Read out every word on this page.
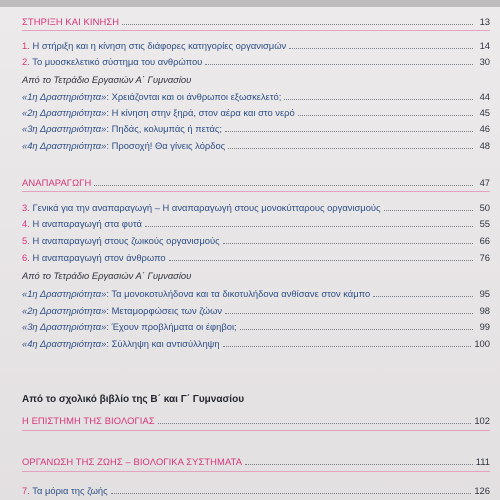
ΣΤΗΡΙΞΗ ΚΑΙ ΚΙΝΗΣΗ	13
1. Η στήριξη και η κίνηση στις διάφορες κατηγορίες οργανισμών	14
2. Το μυοσκελετικό σύστημα του ανθρώπου	30
Από το Τετράδιο Εργασιών Α΄ Γυμνασίου
«1η Δραστηριότητα»: Χρειάζονται και οι άνθρωποι εξωσκελετό;	44
«2η Δραστηριότητα»: Η κίνηση στην ξηρά, στον αέρα και στο νερό	45
«3η Δραστηριότητα»: Πηδάς, κολυμπάς ή πετάς;	46
«4η Δραστηριότητα»: Προσοχή! Θα γίνεις λόρδος	48
ΑΝΑΠΑΡΑΓΩΓΗ	47
3. Γενικά για την αναπαραγωγή – Η αναπαραγωγή στους μονοκύτταρους οργανισμούς	50
4. Η αναπαραγωγή στα φυτά	55
5. Η αναπαραγωγή στους ζωικούς οργανισμούς	66
6. Η αναπαραγωγή στον άνθρωπο	76
Από το Τετράδιο Εργασιών Α΄ Γυμνασίου
«1η Δραστηριότητα»: Τα μονοκοτυλήδονα και τα δικοτυλήδονα ανθίσανε στον κάμπο	95
«2η Δραστηριότητα»: Μεταμορφώσεις των ζώων	98
«3η Δραστηριότητα»: Έχουν προβλήματα οι έφηβοι;	99
«4η Δραστηριότητα»: Σύλληψη και αντισύλληψη	100
Από το σχολικό βιβλίο της Β΄ και Γ΄ Γυμνασίου
Η ΕΠΙΣΤΗΜΗ ΤΗΣ ΒΙΟΛΟΓΙΑΣ	102
ΟΡΓΑΝΩΣΗ ΤΗΣ ΖΩΗΣ – ΒΙΟΛΟΓΙΚΑ ΣΥΣΤΗΜΑΤΑ	111
7. Τα μόρια της ζωής	126
